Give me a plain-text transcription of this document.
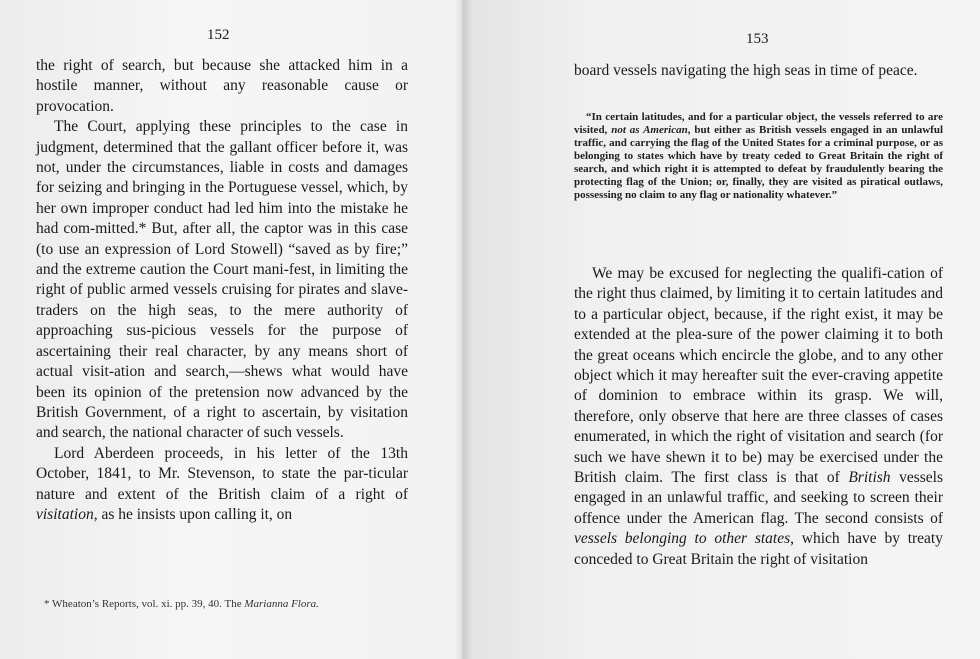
152

the right of search, but because she attacked him in a hostile manner, without any reasonable cause or provocation.

The Court, applying these principles to the case in judgment, determined that the gallant officer before it, was not, under the circumstances, liable in costs and damages for seizing and bringing in the Portuguese vessel, which, by her own improper conduct had led him into the mistake he had com-mitted.* But, after all, the captor was in this case (to use an expression of Lord Stowell) “saved as by fire;” and the extreme caution the Court mani-fest, in limiting the right of public armed vessels cruising for pirates and slave-traders on the high seas, to the mere authority of approaching sus-picious vessels for the purpose of ascertaining their real character, by any means short of actual visit-ation and search,—shews what would have been its opinion of the pretension now advanced by the British Government, of a right to ascertain, by visitation and search, the national character of such vessels.

Lord Aberdeen proceeds, in his letter of the 13th October, 1841, to Mr. Stevenson, to state the par-ticular nature and extent of the British claim of a right of visitation, as he insists upon calling it, on

* Wheaton’s Reports, vol. xi. pp. 39, 40. The Marianna Flora.
153
board vessels navigating the high seas in time of peace.

“In certain latitudes, and for a particular object, the vessels referred to are visited, not as American, but either as British vessels engaged in an unlawful traffic, and carrying the flag of the United States for a criminal purpose, or as belonging to states which have by treaty ceded to Great Britain the right of search, and which right it is attempted to defeat by fraudulently bearing the protecting flag of the Union; or, finally, they are visited as piratical outlaws, possessing no claim to any flag or nationality whatever.”

We may be excused for neglecting the qualifi-cation of the right thus claimed, by limiting it to certain latitudes and to a particular object, because, if the right exist, it may be extended at the plea-sure of the power claiming it to both the great oceans which encircle the globe, and to any other object which it may hereafter suit the ever-craving appetite of dominion to embrace within its grasp. We will, therefore, only observe that here are three classes of cases enumerated, in which the right of visitation and search (for such we have shewn it to be) may be exercised under the British claim. The first class is that of British vessels engaged in an unlawful traffic, and seeking to screen their offence under the American flag. The second consists of vessels belonging to other states, which have by treaty conceded to Great Britain the right of visitation
